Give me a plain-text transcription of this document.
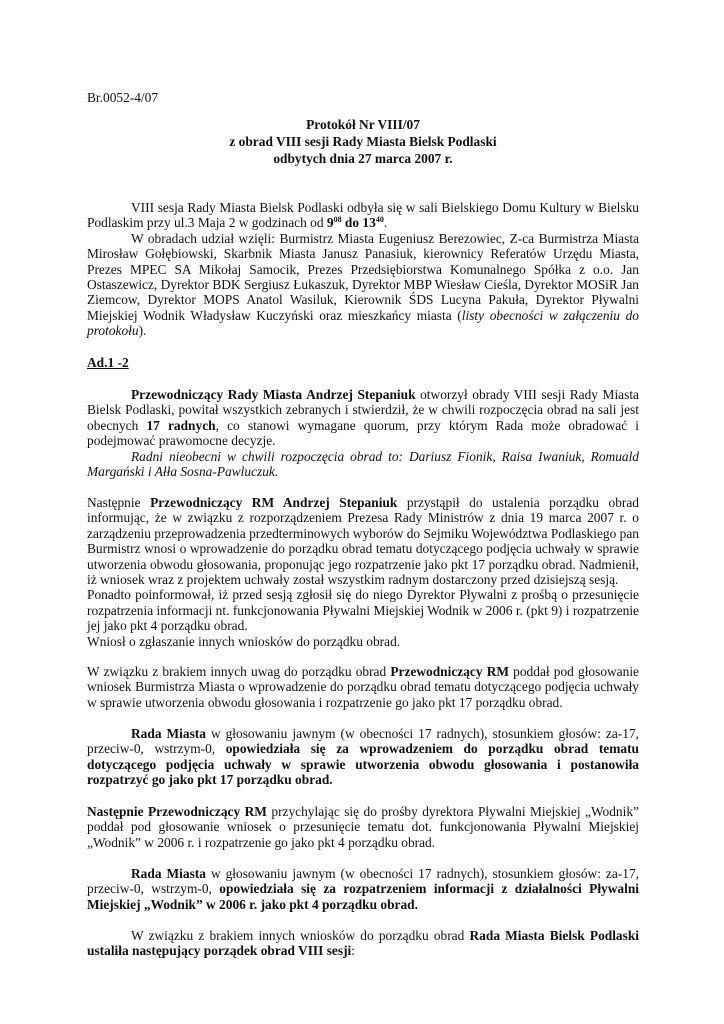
Br.0052-4/07
Protokół Nr VIII/07
z obrad VIII sesji Rady Miasta Bielsk Podlaski
odbytych dnia 27 marca 2007 r.

VIII sesja Rady Miasta Bielsk Podlaski odbyła się w sali Bielskiego Domu Kultury w Bielsku Podlaskim przy ul.3 Maja 2 w godzinach od $9^{08}$ do $13^{40}$.

W obradach udział wzięli: Burmistrz Miasta Eugeniusz Berezowiec, Z-ca Burmistrza Miasta Mirosław Gołębiowski, Skarbnik Miasta Janusz Panasiuk, kierownicy Referatów Urzędu Miasta, Prezes MPEC SA Mikołaj Samocik, Prezes Przedsiębiorstwa Komunalnego Spółka z o.o. Jan Ostaszewicz, Dyrektor BDK Sergiusz Łukaszuk, Dyrektor MBP Wiesław Cieśla, Dyrektor MOSiR Jan Ziemcow, Dyrektor MOPS Anatol Wasiluk, Kierownik ŚDS Lucyna Pakuła, Dyrektor Pływalni Miejskiej Wodnik Władysław Kuczyński oraz mieszkańcy miasta (listy obecności w załączeniu do protokołu).

Ad.1 -2

Przewodniczący Rady Miasta Andrzej Stepaniuk otworzył obrady VIII sesji Rady Miasta Bielsk Podlaski, powitał wszystkich zebranych i stwierdził, że w chwili rozpoczęcia obrad na sali jest obecnych 17 radnych, co stanowi wymagane quorum, przy którym Rada może obradować i podejmować prawomocne decyzje.

Radni nieobecni w chwili rozpoczęcia obrad to: Dariusz Fionik, Raisa Iwaniuk, Romuald Margański i Ałła Sosna-Pawluczuk.

Następnie Przewodniczący RM Andrzej Stepaniuk przystąpił do ustalenia porządku obrad informując, że w związku z rozporządzeniem Prezesa Rady Ministrów z dnia 19 marca 2007 r. o zarządzeniu przeprowadzenia przedterminowych wyborów do Sejmiku Województwa Podlaskiego pan Burmistrz wnosi o wprowadzenie do porządku obrad tematu dotyczącego podjęcia uchwały w sprawie utworzenia obwodu głosowania, proponując jego rozpatrzenie jako pkt 17 porządku obrad. Nadmienił, iż wniosek wraz z projektem uchwały został wszystkim radnym dostarczony przed dzisiejszą sesją.

Ponadto poinformował, iż przed sesją zgłosił się do niego Dyrektor Pływalni z prośbą o przesunięcie rozpatrzenia informacji nt. funkcjonowania Pływalni Miejskiej Wodnik w 2006 r. (pkt 9) i rozpatrzenie jej jako pkt 4 porządku obrad.

Wniosł o zgłaszanie innych wniosków do porządku obrad.

W związku z brakiem innych uwag do porządku obrad Przewodniczący RM poddał pod głosowanie wniosek Burmistrza Miasta o wprowadzenie do porządku obrad tematu dotyczącego podjęcia uchwały w sprawie utworzenia obwodu głosowania i rozpatrzenie go jako pkt 17 porządku obrad.

Rada Miasta w głosowaniu jawnym (w obecności 17 radnych), stosunkiem głosów: za-17, przeciw-0, wstrzym-0, opowiedziała się za wprowadzeniem do porządku obrad tematu dotyczącego podjęcia uchwały w sprawie utworzenia obwodu głosowania i postanowiła rozpatrzyć go jako pkt 17 porządku obrad.

Następnie Przewodniczący RM przychylając się do prośby dyrektora Pływalni Miejskiej „Wodnik” poddał pod głosowanie wniosek o przesunięcie tematu dot. funkcjonowania Pływalni Miejskiej „Wodnik” w 2006 r. i rozpatrzenie go jako pkt 4 porządku obrad.

Rada Miasta w głosowaniu jawnym (w obecności 17 radnych), stosunkiem głosów: za-17, przeciw-0, wstrzym-0, opowiedziała się za rozpatrzeniem informacji z działalności Pływalni Miejskiej „Wodnik” w 2006 r. jako pkt 4 porządku obrad.

W związku z brakiem innych wniosków do porządku obrad Rada Miasta Bielsk Podlaski ustaliła następujący porządek obrad VIII sesji:
